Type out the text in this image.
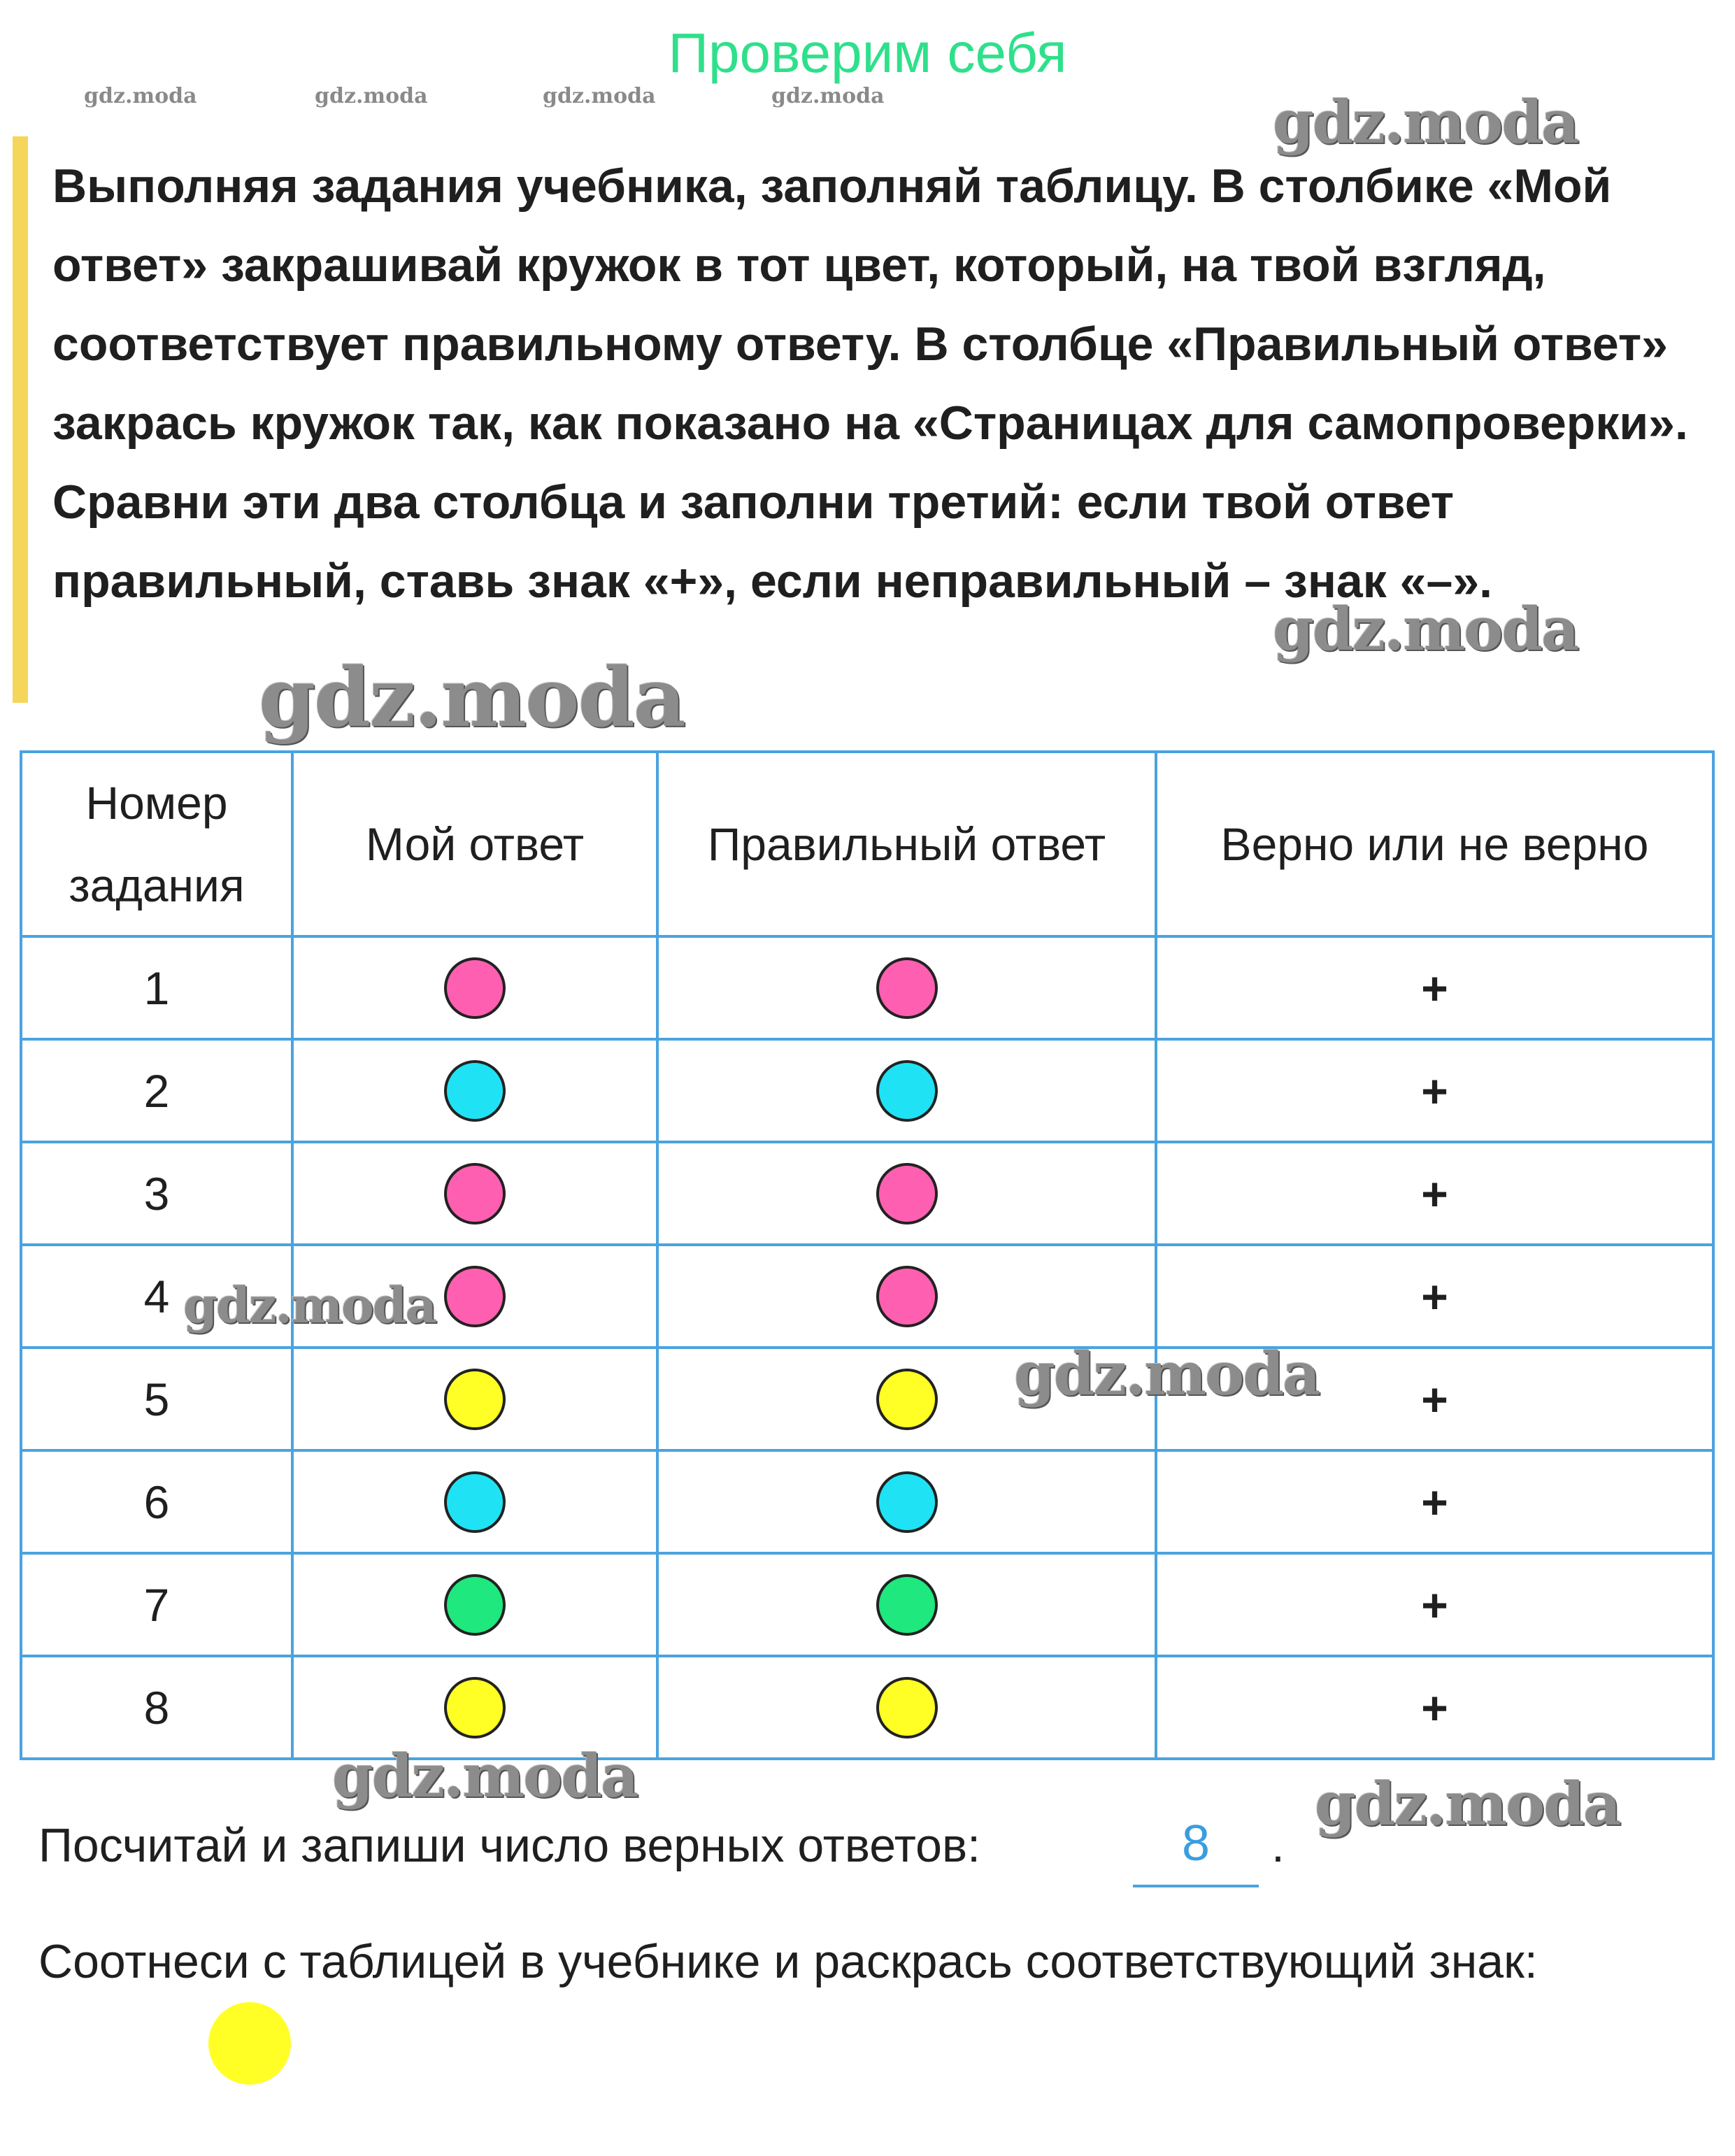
Проверим себя
gdz.moda	gdz.moda	gdz.moda	gdz.moda	gdz.moda
gdz.moda
Выполняя задания учебника, заполняй таблицу. В столбике «Мой ответ» закрашивай кружок в тот цвет, который, на твой взгляд, соответствует правильному ответу. В столбце «Правильный ответ» закрась кружок так, как показано на «Страницах для самопроверки». Сравни эти два столбца и заполни третий: если твой ответ правильный, ставь знак «+», если неправильный – знак «–».
gdz.moda
Номер задания	Мой ответ	Правильный ответ	Верно или не верно
1			+
2			+
3			+
4			+
5			+
6			+
7			+
8			+
gdz.moda
gdz.moda
gdz.moda	gdz.moda
Посчитай и запиши число верных ответов:	8	.
Соотнеси с таблицей в учебнике и раскрась соответствующий знак:
